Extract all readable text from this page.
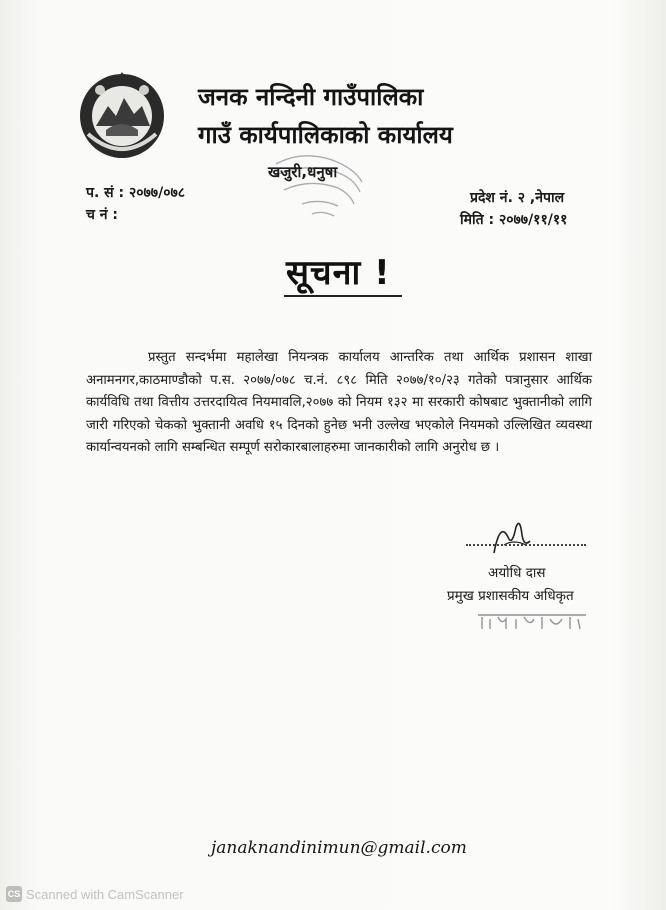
जनक नन्दिनी गाउँपालिका
गाउँ कार्यपालिकाको कार्यालय
खजुरी,धनुषा
प. सं : २०७७/०७८
च नं :
प्रदेश नं. २ ,नेपाल
मिति : २०७७/११/११
सूचना !
प्रस्तुत सन्दर्भमा महालेखा नियन्त्रक कार्यालय आन्तरिक तथा आर्थिक प्रशासन शाखा अनामनगर,काठमाण्डौको प.स. २०७७/०७८ च.नं. ८९८ मिति २०७७/१०/२३ गतेको पत्रानुसार आर्थिक कार्यविधि तथा वित्तीय उत्तरदायित्व नियमावलि,२०७७ को नियम १३२ मा सरकारी कोषबाट भुक्तानीको लागि जारी गरिएको चेकको भुक्तानी अवधि १५ दिनको हुनेछ भनी उल्लेख भएकोले नियमको उल्लिखित व्यवस्था कार्यान्वयनको लागि सम्बन्धित सम्पूर्ण सरोकारबालाहरुमा जानकारीको लागि अनुरोध छ ।
अयोधि दास
प्रमुख प्रशासकीय अधिकृत
janaknandinimun@gmail.com
CS Scanned with CamScanner
